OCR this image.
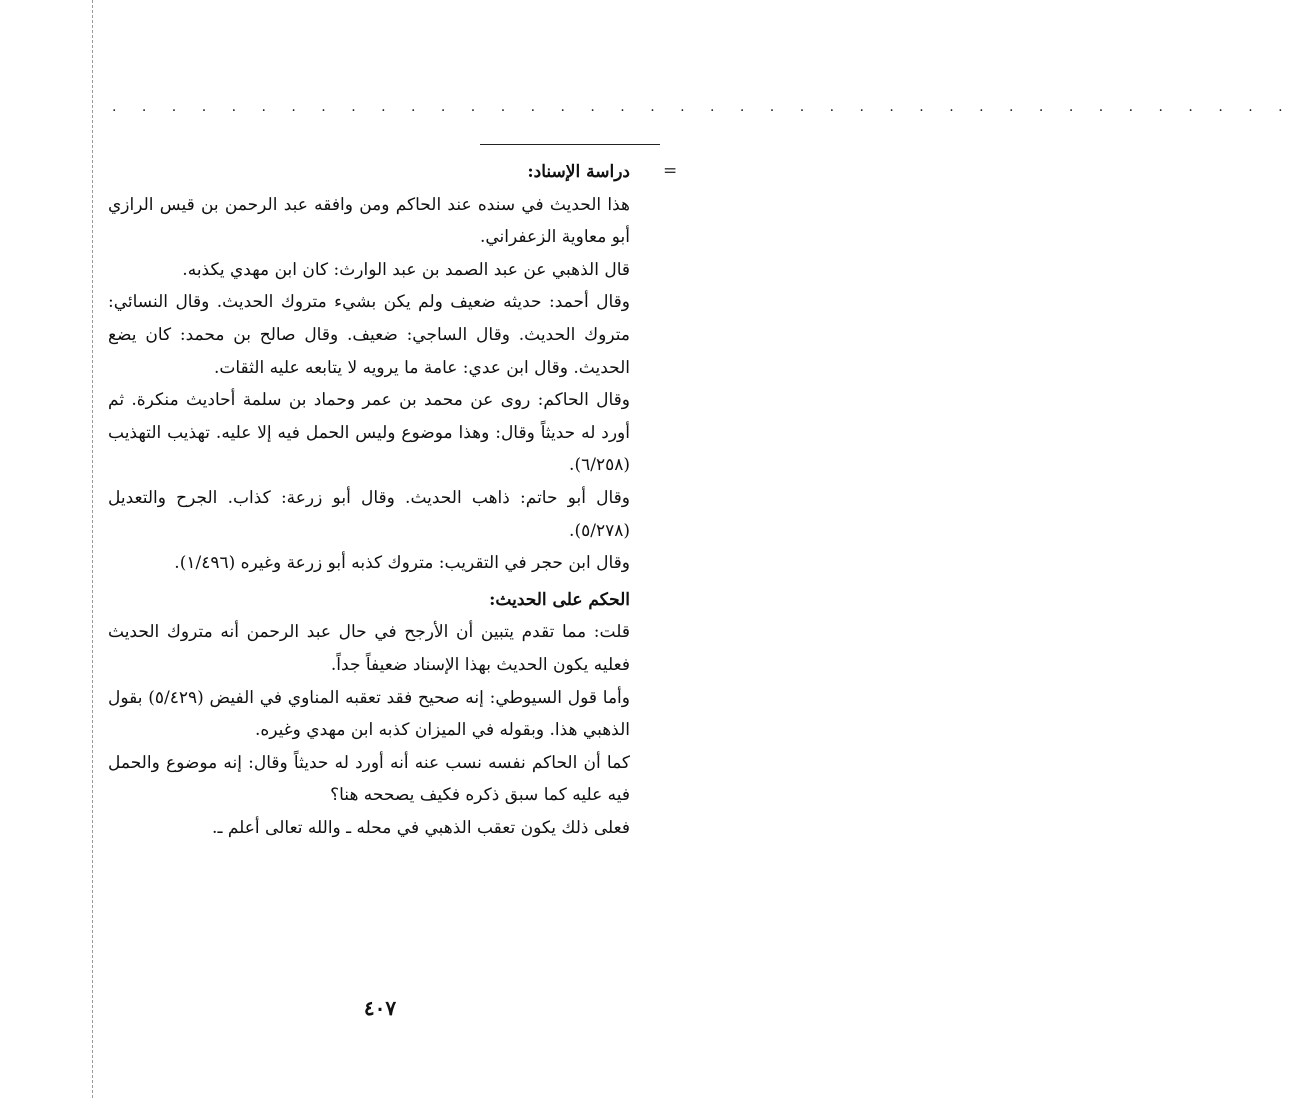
. . . . . . . . . . . . . . . . . . . . . . . . . . . . . . . . . . . . . . . .
=

دراسة الإسناد:

هذا الحديث في سنده عند الحاكم ومن وافقه عبد الرحمن بن قيس الرازي أبو معاوية الزعفراني.

قال الذهبي عن عبد الصمد بن عبد الوارث: كان ابن مهدي يكذبه.

وقال أحمد: حديثه ضعيف ولم يكن بشيء متروك الحديث. وقال النسائي: متروك الحديث. وقال الساجي: ضعيف. وقال صالح بن محمد: كان يضع الحديث. وقال ابن عدي: عامة ما يرويه لا يتابعه عليه الثقات.

وقال الحاكم: روى عن محمد بن عمر وحماد بن سلمة أحاديث منكرة. ثم أورد له حديثاً وقال: وهذا موضوع وليس الحمل فيه إلا عليه. تهذيب التهذيب (٦/٢٥٨).

وقال أبو حاتم: ذاهب الحديث. وقال أبو زرعة: كذاب. الجرح والتعديل (٥/٢٧٨).

وقال ابن حجر في التقريب: متروك كذبه أبو زرعة وغيره (١/٤٩٦).

الحكم على الحديث:

قلت: مما تقدم يتبين أن الأرجح في حال عبد الرحمن أنه متروك الحديث فعليه يكون الحديث بهذا الإسناد ضعيفاً جداً.

وأما قول السيوطي: إنه صحيح فقد تعقبه المناوي في الفيض (٥/٤٢٩) بقول الذهبي هذا. وبقوله في الميزان كذبه ابن مهدي وغيره.

كما أن الحاكم نفسه نسب عنه أنه أورد له حديثاً وقال: إنه موضوع والحمل فيه عليه كما سبق ذكره فكيف يصححه هنا؟

فعلى ذلك يكون تعقب الذهبي في محله ـ والله تعالى أعلم ـ.

٤٠٧
